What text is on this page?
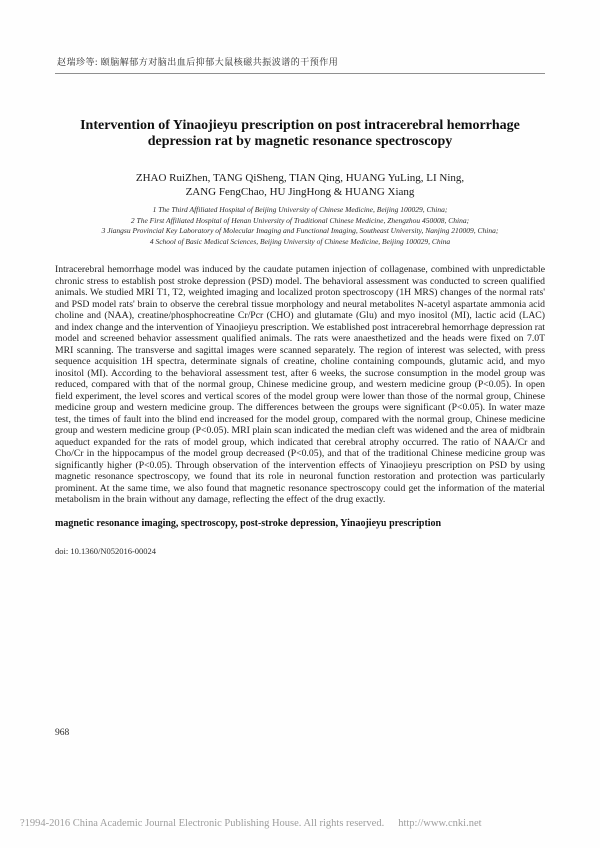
赵瑞珍等: 颐脑解郁方对脑出血后抑郁大鼠核磁共振波谱的干预作用
Intervention of Yinaojieyu prescription on post intracerebral hemorrhage depression rat by magnetic resonance spectroscopy
ZHAO RuiZhen, TANG QiSheng, TIAN Qing, HUANG YuLing, LI Ning,
ZANG FengChao, HU JingHong & HUANG Xiang
1 The Third Affiliated Hospital of Beijing University of Chinese Medicine, Beijing 100029, China;
2 The First Affiliated Hospital of Henan University of Traditional Chinese Medicine, Zhengzhou 450008, China;
3 Jiangsu Provincial Key Laboratory of Molecular Imaging and Functional Imaging, Southeast University, Nanjing 210009, China;
4 School of Basic Medical Sciences, Beijing University of Chinese Medicine, Beijing 100029, China
Intracerebral hemorrhage model was induced by the caudate putamen injection of collagenase, combined with unpredictable chronic stress to establish post stroke depression (PSD) model. The behavioral assessment was conducted to screen qualified animals. We studied MRI T1, T2, weighted imaging and localized proton spectroscopy (1H MRS) changes of the normal rats' and PSD model rats' brain to observe the cerebral tissue morphology and neural metabolites N-acetyl aspartate ammonia acid choline and (NAA), creatine/phosphocreatine Cr/Pcr (CHO) and glutamate (Glu) and myo inositol (MI), lactic acid (LAC) and index change and the intervention of Yinaojieyu prescription. We established post intracerebral hemorrhage depression rat model and screened behavior assessment qualified animals. The rats were anaesthetized and the heads were fixed on 7.0T MRI scanning. The transverse and sagittal images were scanned separately. The region of interest was selected, with press sequence acquisition 1H spectra, determinate signals of creatine, choline containing compounds, glutamic acid, and myo inositol (MI). According to the behavioral assessment test, after 6 weeks, the sucrose consumption in the model group was reduced, compared with that of the normal group, Chinese medicine group, and western medicine group (P<0.05). In open field experiment, the level scores and vertical scores of the model group were lower than those of the normal group, Chinese medicine group and western medicine group. The differences between the groups were significant (P<0.05). In water maze test, the times of fault into the blind end increased for the model group, compared with the normal group, Chinese medicine group and western medicine group (P<0.05). MRI plain scan indicated the median cleft was widened and the area of midbrain aqueduct expanded for the rats of model group, which indicated that cerebral atrophy occurred. The ratio of NAA/Cr and Cho/Cr in the hippocampus of the model group decreased (P<0.05), and that of the traditional Chinese medicine group was significantly higher (P<0.05). Through observation of the intervention effects of Yinaojieyu prescription on PSD by using magnetic resonance spectroscopy, we found that its role in neuronal function restoration and protection was particularly prominent. At the same time, we also found that magnetic resonance spectroscopy could get the information of the material metabolism in the brain without any damage, reflecting the effect of the drug exactly.
magnetic resonance imaging, spectroscopy, post-stroke depression, Yinaojieyu prescription
doi: 10.1360/N052016-00024
968
?1994-2016 China Academic Journal Electronic Publishing House. All rights reserved. http://www.cnki.net
